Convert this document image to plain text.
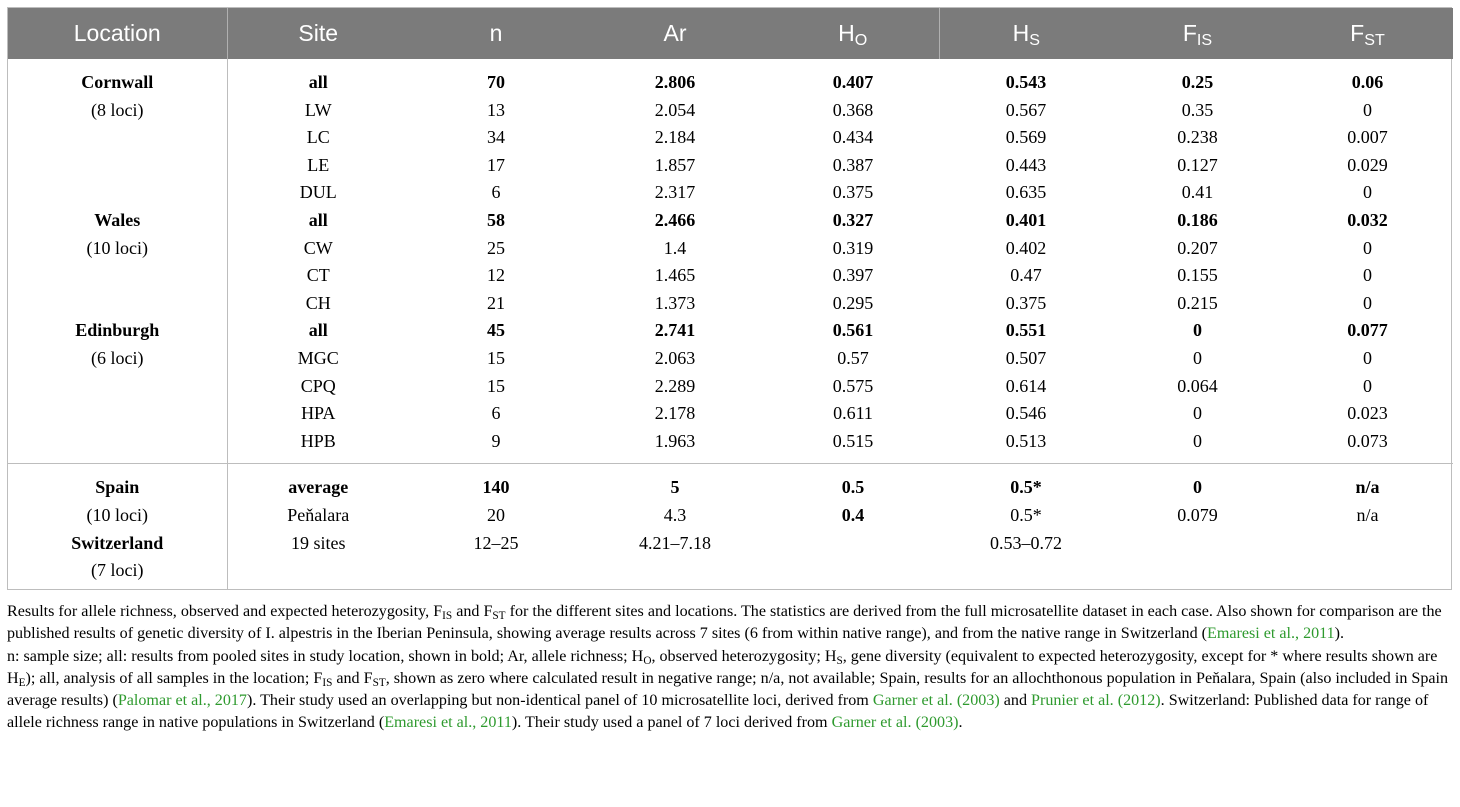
Location	Site	n	Ar	$H_O$	$H_S$	$F_{IS}$	$F_{ST}$
Cornwall	all	70	2.806	0.407	0.543	0.25	0.06
(8 loci)	LW	13	2.054	0.368	0.567	0.35	0
	LC	34	2.184	0.434	0.569	0.238	0.007
	LE	17	1.857	0.387	0.443	0.127	0.029
	DUL	6	2.317	0.375	0.635	0.41	0
Wales	all	58	2.466	0.327	0.401	0.186	0.032
(10 loci)	CW	25	1.4	0.319	0.402	0.207	0
	CT	12	1.465	0.397	0.47	0.155	0
	CH	21	1.373	0.295	0.375	0.215	0
Edinburgh	all	45	2.741	0.561	0.551	0	0.077
(6 loci)	MGC	15	2.063	0.57	0.507	0	0
	CPQ	15	2.289	0.575	0.614	0.064	0
	HPA	6	2.178	0.611	0.546	0	0.023
	HPB	9	1.963	0.515	0.513	0	0.073
Spain	average	140	5	0.5	0.5*	0	n/a
(10 loci)	Peňalara	20	4.3	0.4	0.5*	0.079	n/a
Switzerland	19 sites	12–25	4.21–7.18		0.53–0.72		
(7 loci)							

Results for allele richness, observed and expected heterozygosity, $F_{IS}$ and $F_{ST}$ for the different sites and locations. The statistics are derived from the full microsatellite dataset in each case. Also shown for comparison are the published results of genetic diversity of I. alpestris in the Iberian Peninsula, showing average results across 7 sites (6 from within native range), and from the native range in Switzerland (Emaresi et al., 2011).

n: sample size; all: results from pooled sites in study location, shown in bold; Ar, allele richness; $H_O$, observed heterozygosity; $H_S$, gene diversity (equivalent to expected heterozygosity, except for * where results shown are $H_E$); all, analysis of all samples in the location; $F_{IS}$ and $F_{ST}$, shown as zero where calculated result in negative range; n/a, not available; Spain, results for an allochthonous population in Peňalara, Spain (also included in Spain average results) (Palomar et al., 2017). Their study used an overlapping but non-identical panel of 10 microsatellite loci, derived from Garner et al. (2003) and Prunier et al. (2012). Switzerland: Published data for range of allele richness range in native populations in Switzerland (Emaresi et al., 2011). Their study used a panel of 7 loci derived from Garner et al. (2003).
